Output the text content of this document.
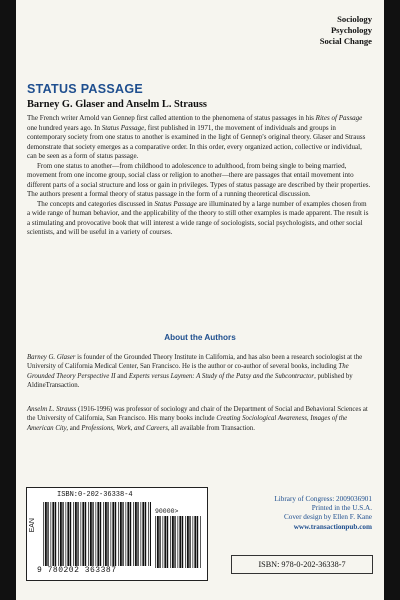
Sociology
Psychology
Social Change
STATUS PASSAGE
Barney G. Glaser and Anselm L. Strauss

The French writer Arnold van Gennep first called attention to the phenomena of status passages in his Rites of Passage one hundred years ago. In Status Passage, first published in 1971, the movement of individuals and groups in contemporary society from one status to another is examined in the light of Gennep's original theory. Glaser and Strauss demonstrate that society emerges as a comparative order. In this order, every organized action, collective or individual, can be seen as a form of status passage.

From one status to another—from childhood to adolescence to adulthood, from being single to being married, movement from one income group, social class or religion to another—there are passages that entail movement into different parts of a social structure and loss or gain in privileges. Types of status passage are described by their properties. The authors present a formal theory of status passage in the form of a running theoretical discussion.

The concepts and categories discussed in Status Passage are illuminated by a large number of examples chosen from a wide range of human behavior, and the applicability of the theory to still other examples is made apparent. The result is a stimulating and provocative book that will interest a wide range of sociologists, social psychologists, and other social scientists, and will be useful in a variety of courses.

About the Authors
Barney G. Glaser is founder of the Grounded Theory Institute in California, and has also been a research sociologist at the University of California Medical Center, San Francisco. He is the author or co-author of several books, including The Grounded Theory Perspective II and Experts versus Laymen: A Study of the Patsy and the Subcontractor, published by AldineTransaction.
Anselm L. Strauss (1916-1996) was professor of sociology and chair of the Department of Social and Behavioral Sciences at the University of California, San Francisco. His many books include Creating Sociological Awareness, Images of the American City, and Professions, Work, and Careers, all available from Transaction.
ISBN:0-202-36338-4
EAN
9 780202 363387
90000>
Library of Congress: 2009036901
Printed in the U.S.A.
Cover design by Ellen F. Kane
www.transactionpub.com
ISBN: 978-0-202-36338-7
